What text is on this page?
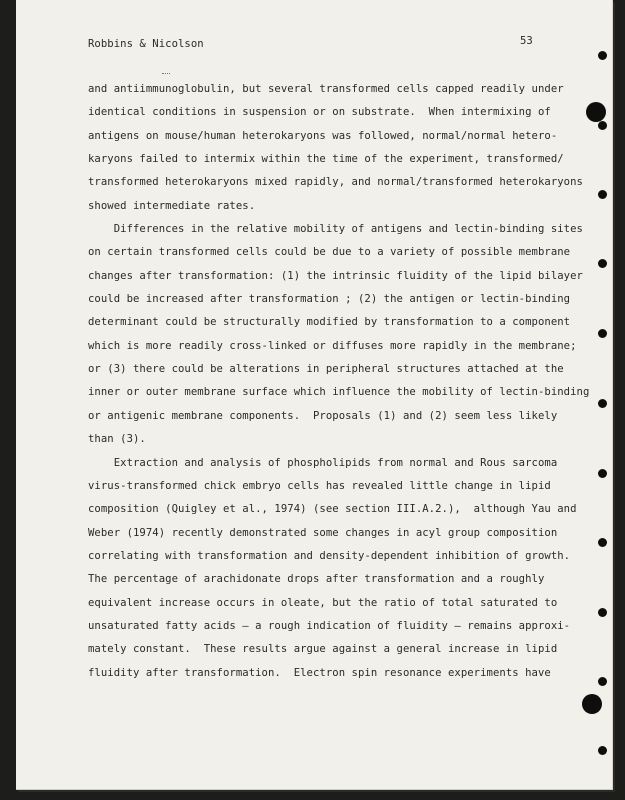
Robbins & Nicolson	53
and antiimmunoglobulin, but several transformed cells capped readily under
identical conditions in suspension or on substrate.  When intermixing of
antigens on mouse/human heterokaryons was followed, normal/normal hetero-
karyons failed to intermix within the time of the experiment, transformed/
transformed heterokaryons mixed rapidly, and normal/transformed heterokaryons
showed intermediate rates.
Differences in the relative mobility of antigens and lectin-binding sites
on certain transformed cells could be due to a variety of possible membrane
changes after transformation: (1) the intrinsic fluidity of the lipid bilayer
could be increased after transformation ; (2) the antigen or lectin-binding
determinant could be structurally modified by transformation to a component
which is more readily cross-linked or diffuses more rapidly in the membrane;
or (3) there could be alterations in peripheral structures attached at the
inner or outer membrane surface which influence the mobility of lectin-binding
or antigenic membrane components.  Proposals (1) and (2) seem less likely
than (3).
Extraction and analysis of phospholipids from normal and Rous sarcoma
virus-transformed chick embryo cells has revealed little change in lipid
composition (Quigley et al., 1974) (see section III.A.2.),  although Yau and
Weber (1974) recently demonstrated some changes in acyl group composition
correlating with transformation and density-dependent inhibition of growth.
The percentage of arachidonate drops after transformation and a roughly
equivalent increase occurs in oleate, but the ratio of total saturated to
unsaturated fatty acids — a rough indication of fluidity — remains approxi-
mately constant.  These results argue against a general increase in lipid
fluidity after transformation.  Electron spin resonance experiments have
